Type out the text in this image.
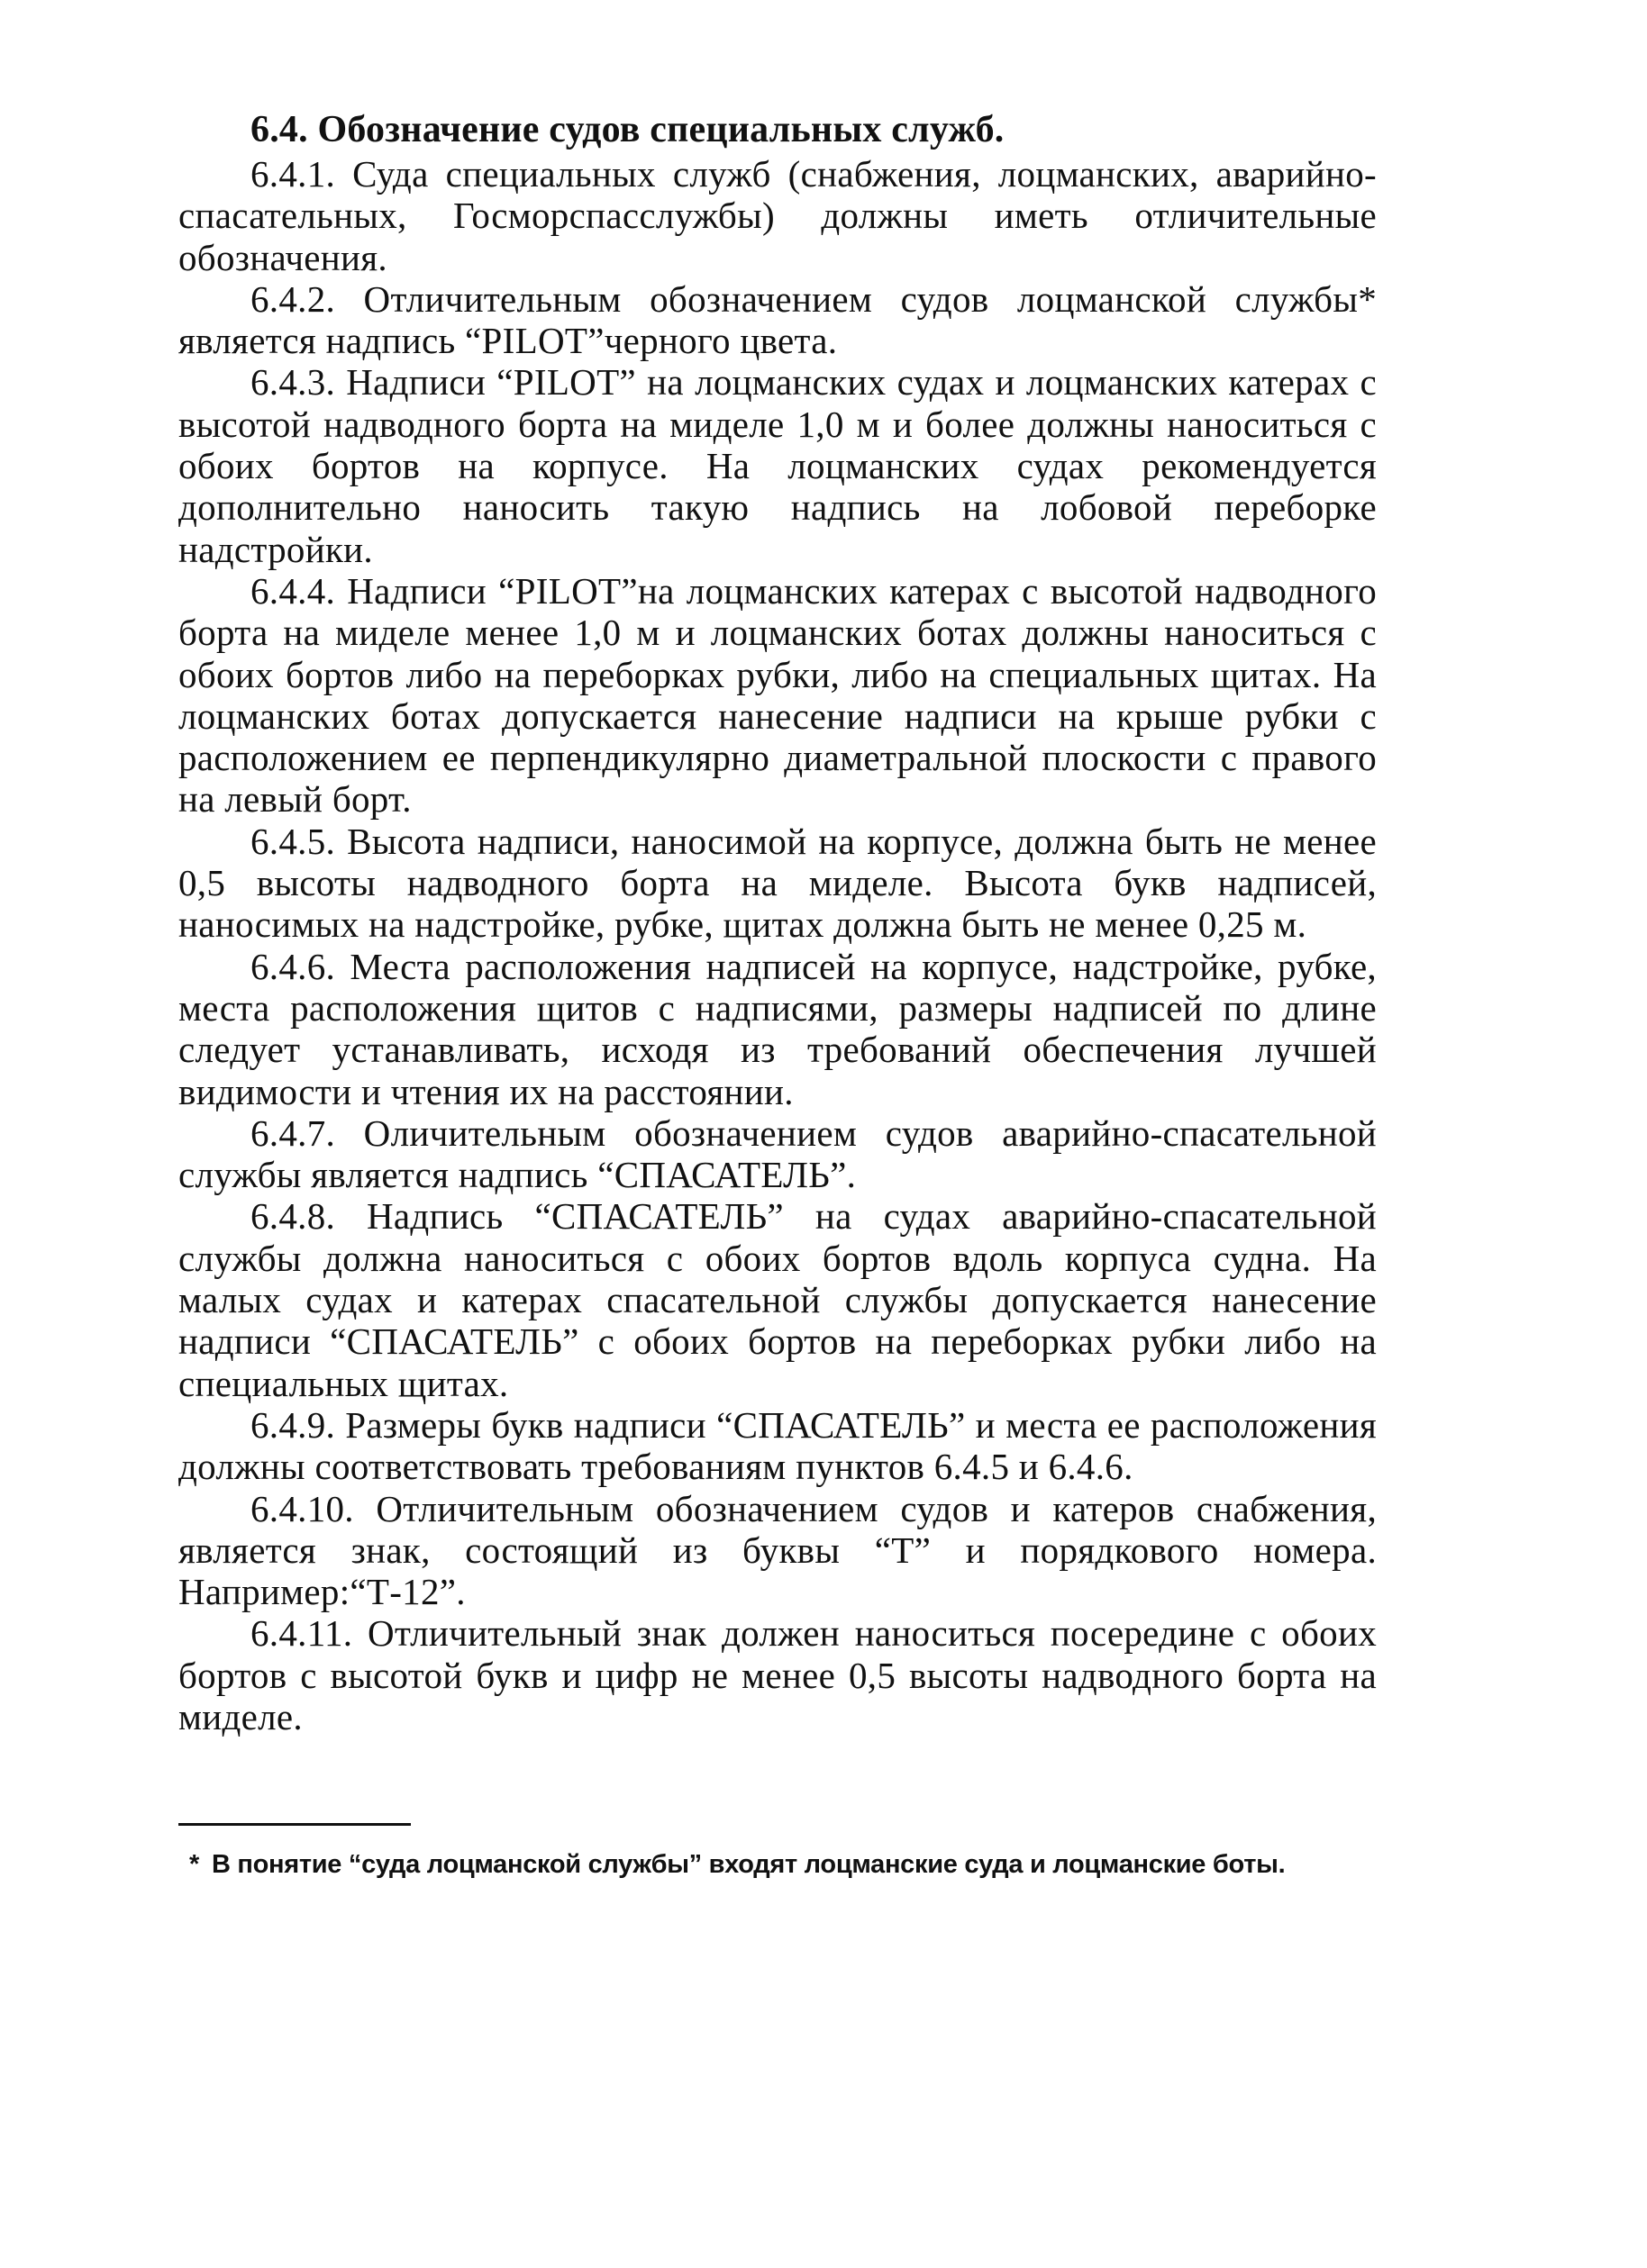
6.4. Обозначение судов специальных служб.

6.4.1. Суда специальных служб (снабжения, лоцманских, аварийно-спасательных, Госморспасслужбы) должны иметь отличительные обозначения.

6.4.2. Отличительным обозначением судов лоцманской службы* является надпись “PILOT”черного цвета.

6.4.3. Надписи “PILOT” на лоцманских судах и лоцманских катерах с высотой надводного борта на миделе 1,0 м и более должны наноситься с обоих бортов на корпусе. На лоцманских судах рекомендуется дополнительно наносить такую надпись на лобовой переборке надстройки.

6.4.4. Надписи “PILOT”на лоцманских катерах с высотой надводного борта на миделе менее 1,0 м и лоцманских ботах должны наноситься с обоих бортов либо на переборках рубки, либо на специальных щитах. На лоцманских ботах допускается нанесение надписи на крыше рубки с расположением ее перпендикулярно диаметральной плоскости с правого на левый борт.

6.4.5. Высота надписи, наносимой на корпусе, должна быть не менее 0,5 высоты надводного борта на миделе. Высота букв надписей, наносимых на надстройке, рубке, щитах должна быть не менее 0,25 м.

6.4.6. Места расположения надписей на корпусе, надстройке, рубке, места расположения щитов с надписями, размеры надписей по длине следует устанавливать, исходя из требований обеспечения лучшей видимости и чтения их на расстоянии.

6.4.7. Оличительным обозначением судов аварийно-спасательной службы является надпись “СПАСАТЕЛЬ”.

6.4.8. Надпись “СПАСАТЕЛЬ” на судах аварийно-спасательной службы должна наноситься с обоих бортов вдоль корпуса судна. На малых судах и катерах спасательной службы допускается нанесение надписи “СПАСАТЕЛЬ” с обоих бортов на переборках рубки либо на специальных щитах.

6.4.9. Размеры букв надписи “СПАСАТЕЛЬ” и места ее расположения должны соответствовать требованиям пунктов 6.4.5 и 6.4.6.

6.4.10. Отличительным обозначением судов и катеров снабжения, является знак, состоящий из буквы “Т” и порядкового номера. Например:“Т-12”.

6.4.11. Отличительный знак должен наноситься посередине с обоих бортов с высотой букв и цифр не менее 0,5 высоты надводного борта на миделе.

* В понятие “суда лоцманской службы” входят лоцманские суда и лоцманские боты.
